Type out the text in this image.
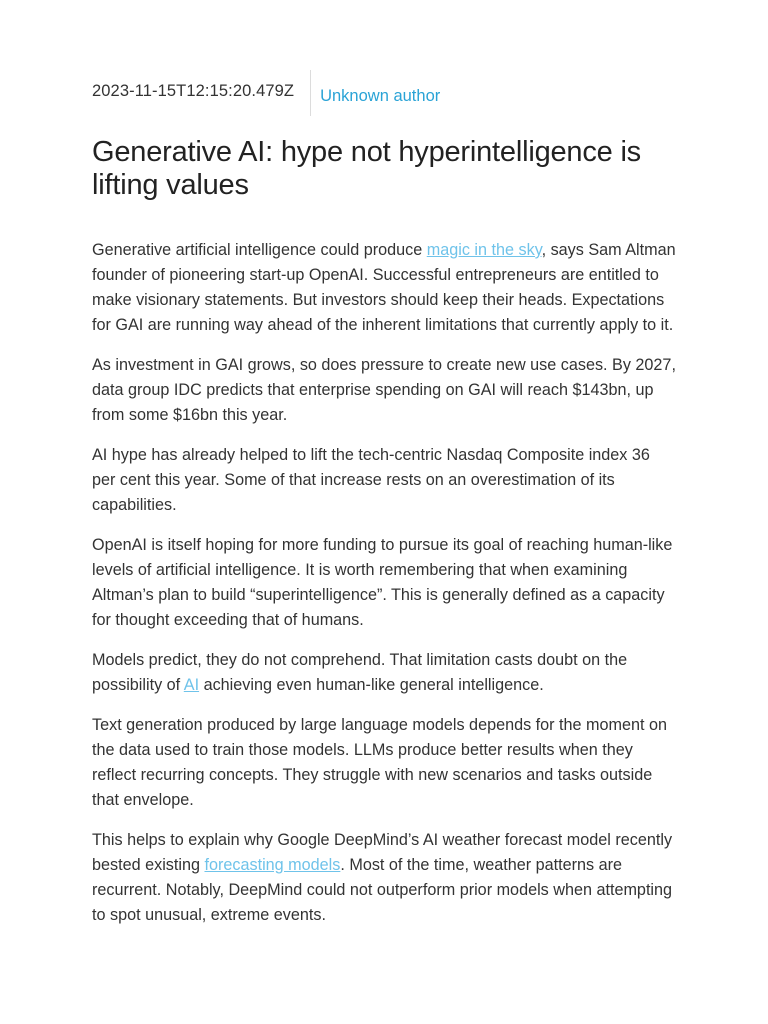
2023-11-15T12:15:20.479Z Unknown author
Generative AI: hype not hyperintelligence is lifting values

Generative artificial intelligence could produce magic in the sky, says Sam Altman founder of pioneering start-up OpenAI. Successful entrepreneurs are entitled to make visionary statements. But investors should keep their heads. Expectations for GAI are running way ahead of the inherent limitations that currently apply to it.

As investment in GAI grows, so does pressure to create new use cases. By 2027, data group IDC predicts that enterprise spending on GAI will reach $143bn, up from some $16bn this year.

AI hype has already helped to lift the tech-centric Nasdaq Composite index 36 per cent this year. Some of that increase rests on an overestimation of its capabilities.

OpenAI is itself hoping for more funding to pursue its goal of reaching human-like levels of artificial intelligence. It is worth remembering that when examining Altman’s plan to build “superintelligence”. This is generally defined as a capacity for thought exceeding that of humans.

Models predict, they do not comprehend. That limitation casts doubt on the possibility of AI achieving even human-like general intelligence.

Text generation produced by large language models depends for the moment on the data used to train those models. LLMs produce better results when they reflect recurring concepts. They struggle with new scenarios and tasks outside that envelope.

This helps to explain why Google DeepMind’s AI weather forecast model recently bested existing forecasting models. Most of the time, weather patterns are recurrent. Notably, DeepMind could not outperform prior models when attempting to spot unusual, extreme events.
